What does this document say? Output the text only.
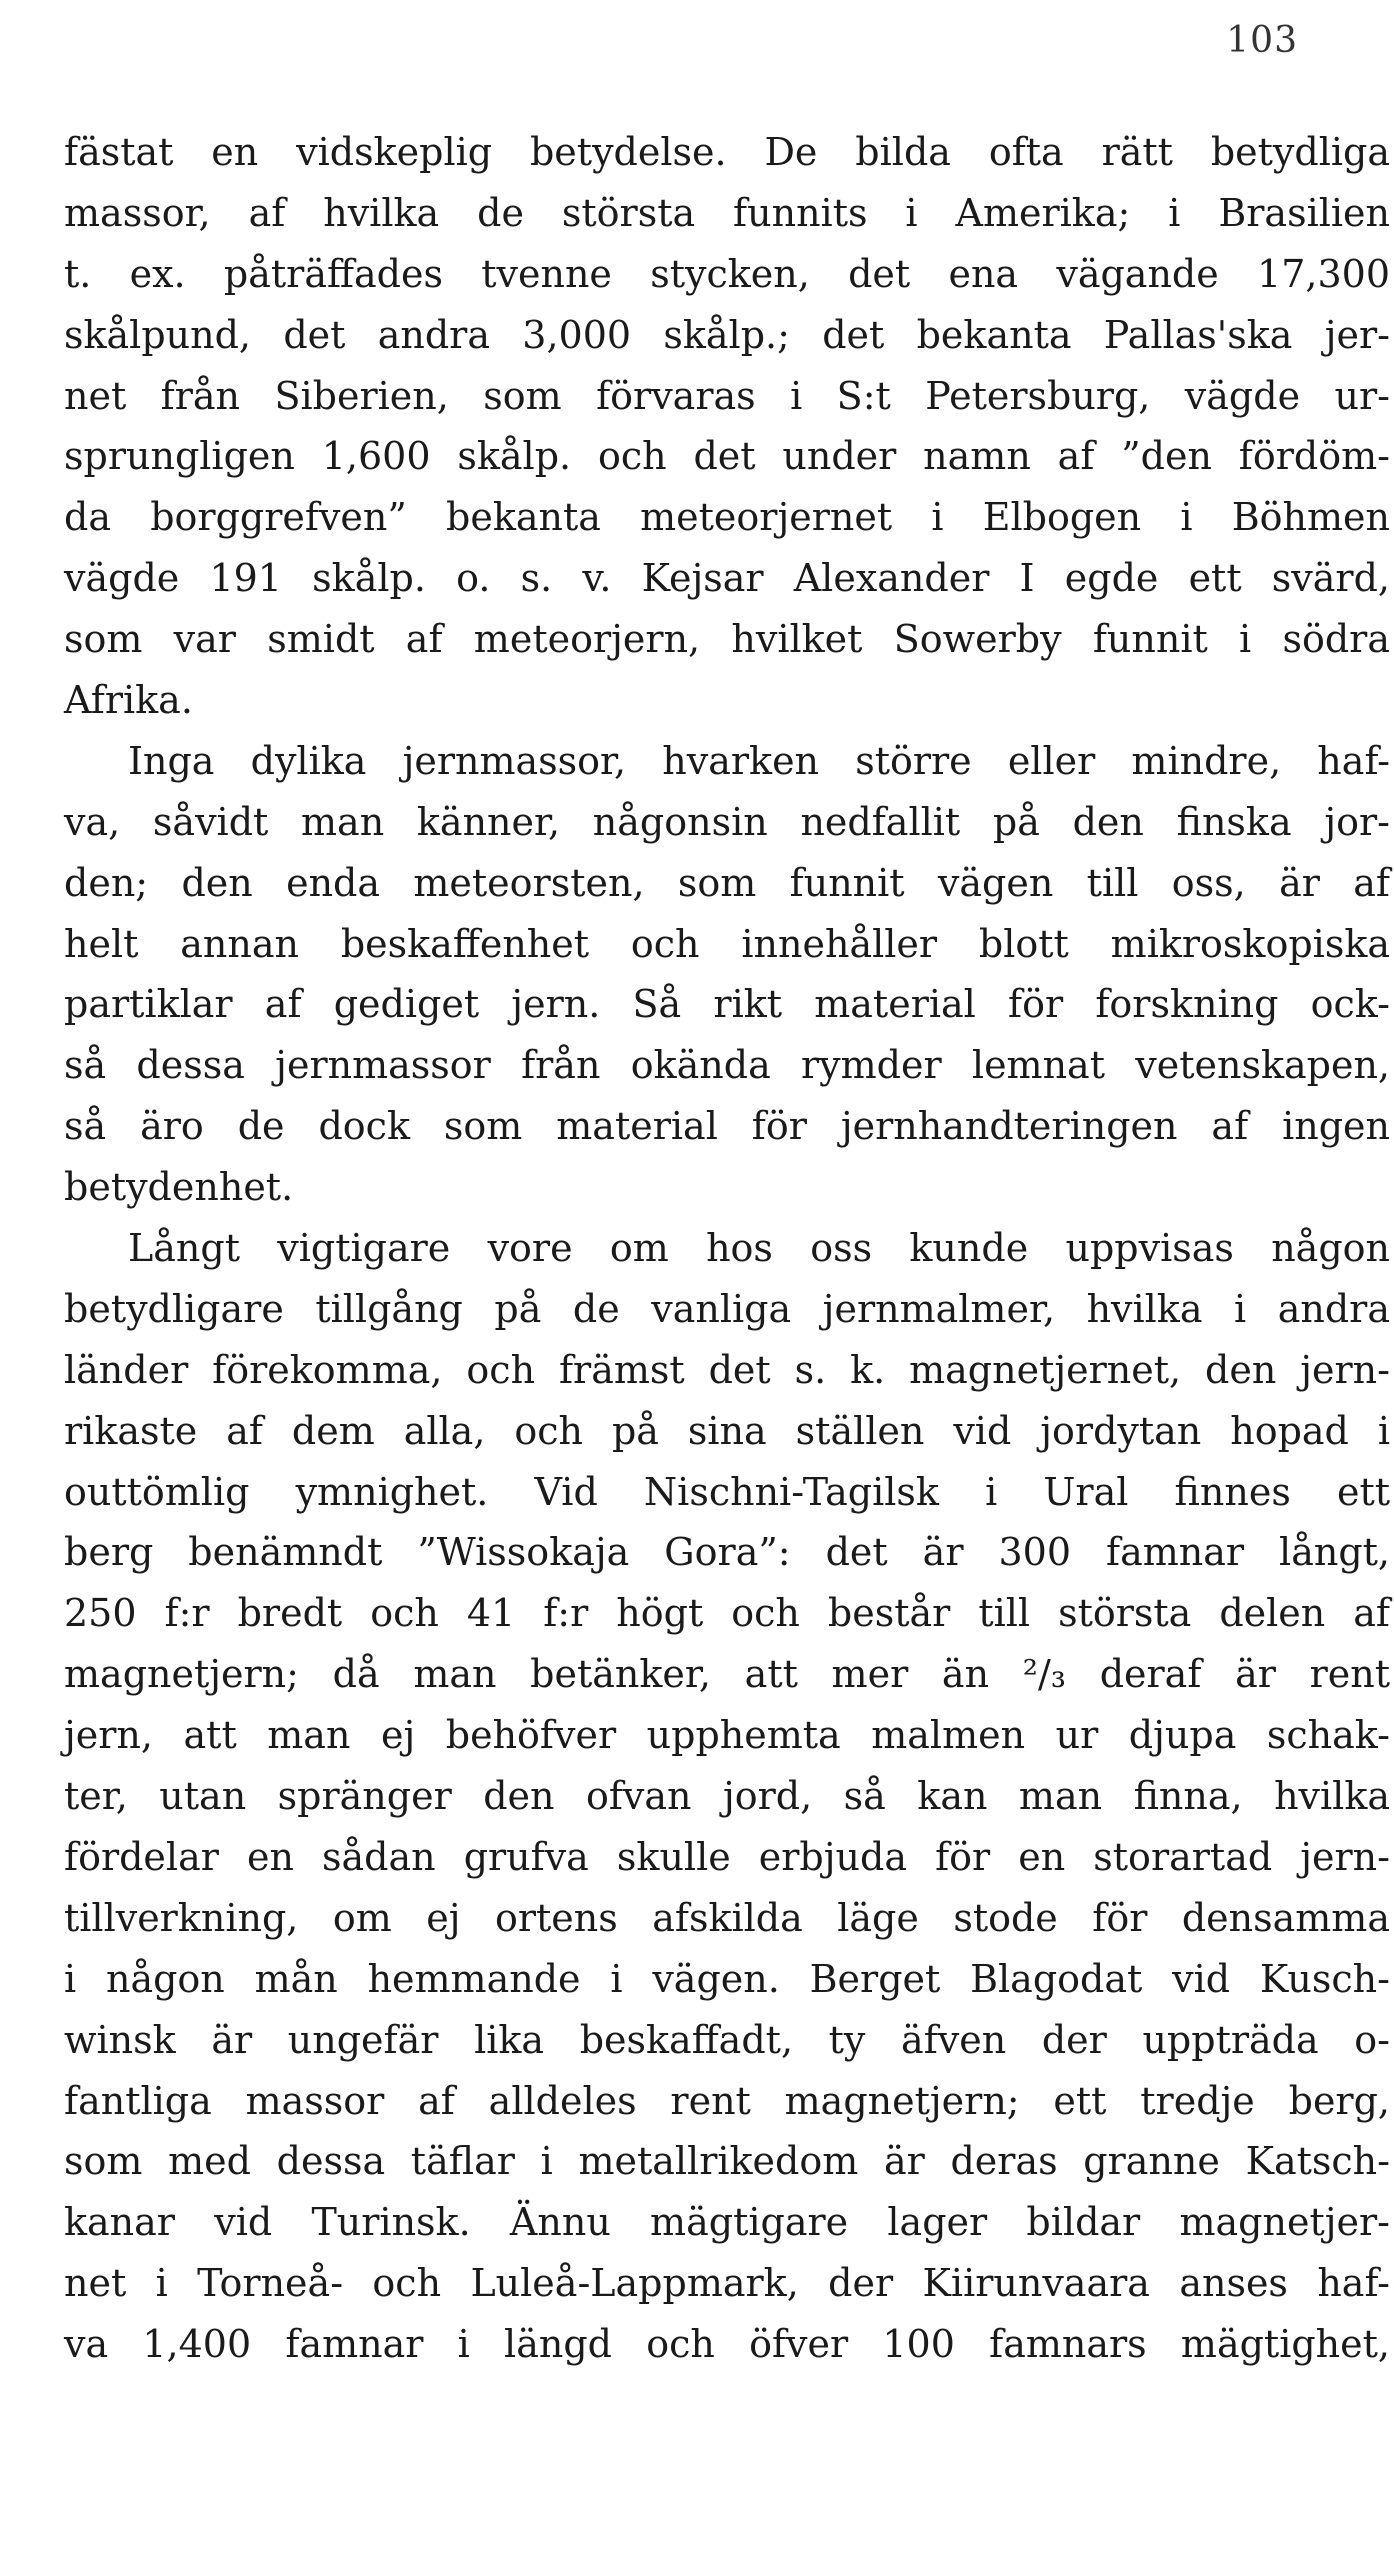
103
fästat en vidskeplig betydelse. De bilda ofta rätt betydliga
massor, af hvilka de största funnits i Amerika; i Brasilien
t. ex. påträffades tvenne stycken, det ena vägande 17,300
skålpund, det andra 3,000 skålp.; det bekanta Pallas'ska jer-
net från Siberien, som förvaras i S:t Petersburg, vägde ur-
sprungligen 1,600 skålp. och det under namn af ”den fördöm-
da borggrefven” bekanta meteorjernet i Elbogen i Böhmen
vägde 191 skålp. o. s. v. Kejsar Alexander I egde ett svärd,
som var smidt af meteorjern, hvilket Sowerby funnit i södra
Afrika.
Inga dylika jernmassor, hvarken större eller mindre, haf-
va, såvidt man känner, någonsin nedfallit på den finska jor-
den; den enda meteorsten, som funnit vägen till oss, är af
helt annan beskaffenhet och innehåller blott mikroskopiska
partiklar af gediget jern. Så rikt material för forskning ock-
så dessa jernmassor från okända rymder lemnat vetenskapen,
så äro de dock som material för jernhandteringen af ingen
betydenhet.
Långt vigtigare vore om hos oss kunde uppvisas någon
betydligare tillgång på de vanliga jernmalmer, hvilka i andra
länder förekomma, och främst det s. k. magnetjernet, den jern-
rikaste af dem alla, och på sina ställen vid jordytan hopad i
outtömlig ymnighet. Vid Nischni-Tagilsk i Ural finnes ett
berg benämndt ”Wissokaja Gora”: det är 300 famnar långt,
250 f:r bredt och 41 f:r högt och består till största delen af
magnetjern; då man betänker, att mer än ²/₃ deraf är rent
jern, att man ej behöfver upphemta malmen ur djupa schak-
ter, utan spränger den ofvan jord, så kan man finna, hvilka
fördelar en sådan grufva skulle erbjuda för en storartad jern-
tillverkning, om ej ortens afskilda läge stode för densamma
i någon mån hemmande i vägen. Berget Blagodat vid Kusch-
winsk är ungefär lika beskaffadt, ty äfven der uppträda o-
fantliga massor af alldeles rent magnetjern; ett tredje berg,
som med dessa täflar i metallrikedom är deras granne Katsch-
kanar vid Turinsk. Ännu mägtigare lager bildar magnetjer-
net i Torneå- och Luleå-Lappmark, der Kiirunvaara anses haf-
va 1,400 famnar i längd och öfver 100 famnars mägtighet,
